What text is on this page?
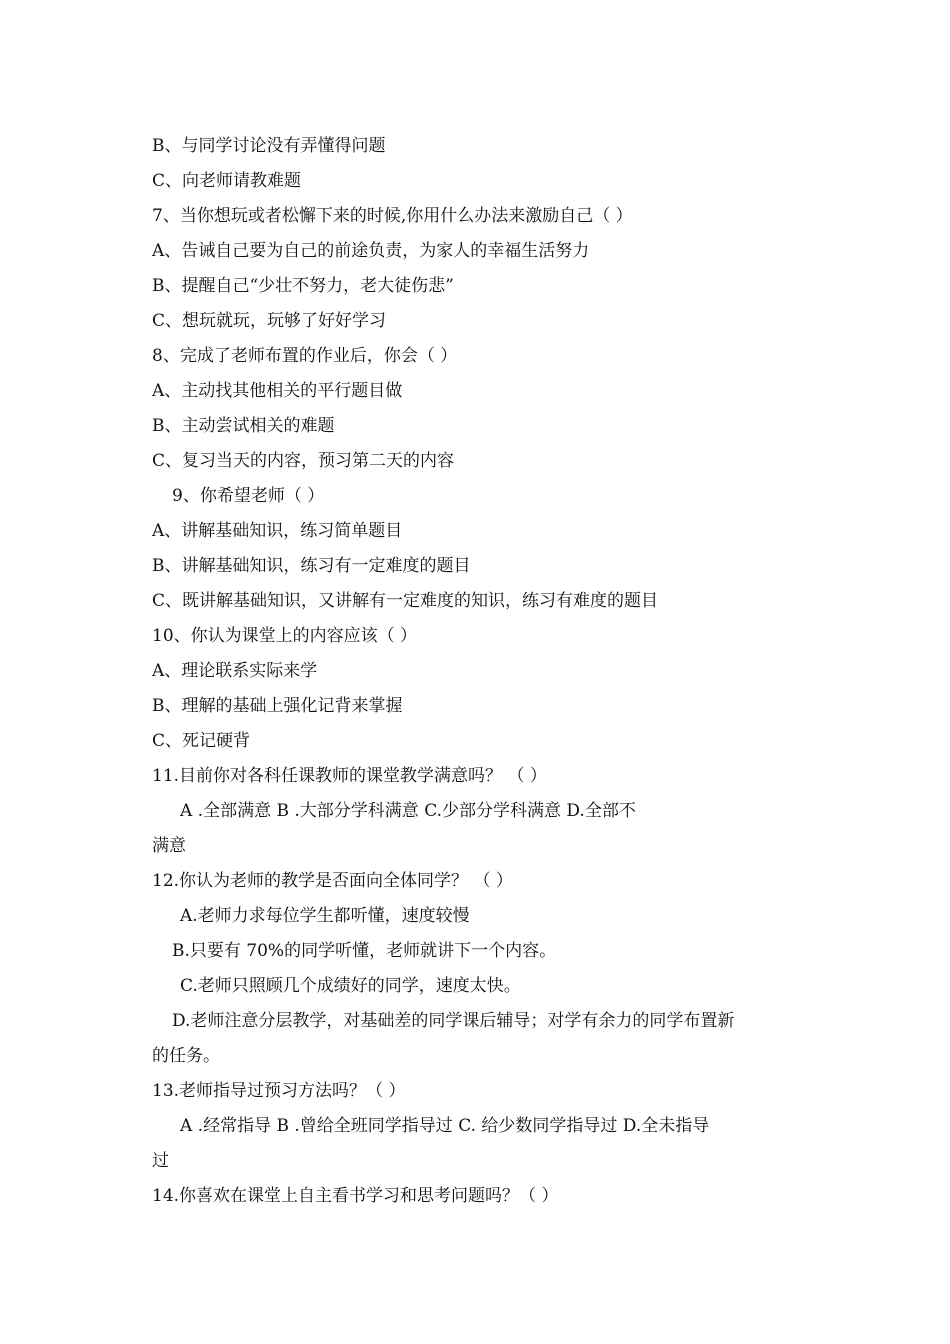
B、与同学讨论没有弄懂得问题
C、向老师请教难题
7、当你想玩或者松懈下来的时候,你用什么办法来激励自己（ ）
A、告诫自己要为自己的前途负责，为家人的幸福生活努力
B、提醒自己“少壮不努力，老大徒伤悲”
C、想玩就玩，玩够了好好学习
8、完成了老师布置的作业后，你会（ ）
A、主动找其他相关的平行题目做
B、主动尝试相关的难题
C、复习当天的内容，预习第二天的内容
9、你希望老师（ ）
A、讲解基础知识，练习简单题目
B、讲解基础知识，练习有一定难度的题目
C、既讲解基础知识，又讲解有一定难度的知识，练习有难度的题目
10、你认为课堂上的内容应该（ ）
A、理论联系实际来学
B、理解的基础上强化记背来掌握
C、死记硬背
11.目前你对各科任课教师的课堂教学满意吗？ （ ）
A .全部满意 B .大部分学科满意 C.少部分学科满意 D.全部不
满意
12.你认为老师的教学是否面向全体同学？ （ ）
A.老师力求每位学生都听懂，速度较慢
B.只要有 70%的同学听懂，老师就讲下一个内容。
C.老师只照顾几个成绩好的同学，速度太快。
D.老师注意分层教学，对基础差的同学课后辅导；对学有余力的同学布置新
的任务。
13.老师指导过预习方法吗？（ ）
A .经常指导 B .曾给全班同学指导过 C. 给少数同学指导过 D.全未指导
过
14.你喜欢在课堂上自主看书学习和思考问题吗？（ ）
